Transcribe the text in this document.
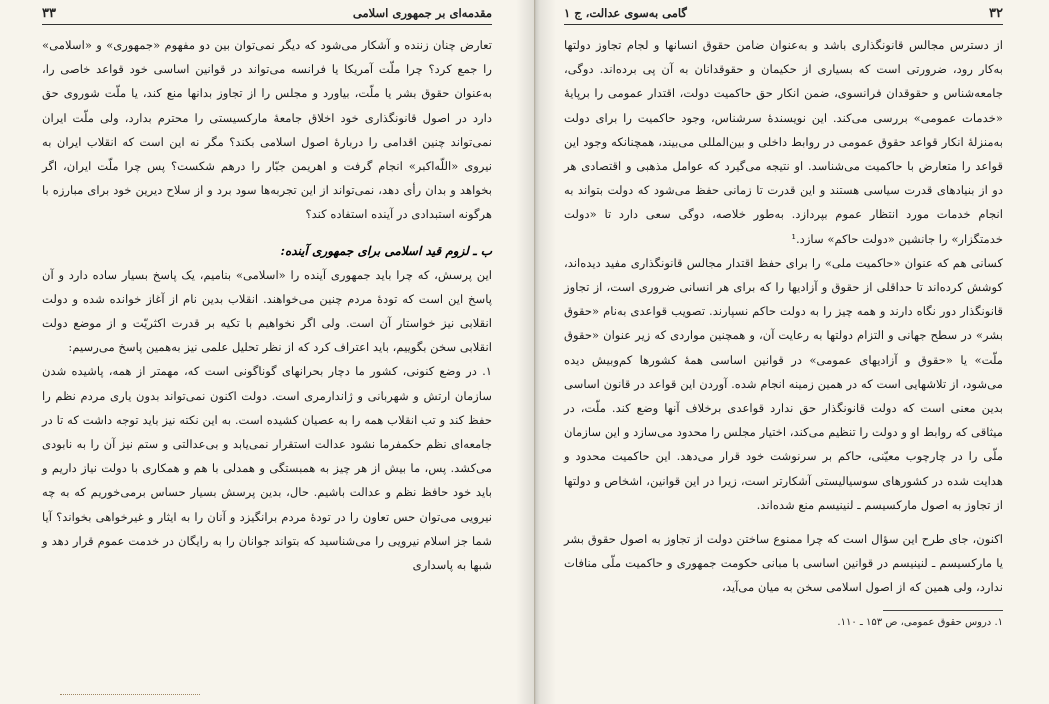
مقدمه‌ای بر جمهوری اسلامی
۳۳

تعارض چنان زننده و آشکار می‌شود که دیگر نمی‌توان بین دو مفهوم «جمهوری» و «اسلامی» را جمع کرد؟ چرا ملّت آمریکا یا فرانسه می‌تواند در قوانین اساسی خود قواعد خاصی را، به‌عنوان حقوق بشر یا ملّت، بیاورد و مجلس را از تجاوز بدانها منع کند، یا ملّت شوروی حق دارد در اصول قانونگذاری خود اخلاق جامعهٔ مارکسیستی را محترم بدارد، ولی ملّت ایران نمی‌تواند چنین اقدامی را دربارهٔ اصول اسلامی بکند؟ مگر نه این است که انقلاب ایران به نیروی «اللّه‌اکبر» انجام گرفت و اهریمن جبّار را درهم شکست؟ پس چرا ملّت ایران، اگر بخواهد و بدان رأی دهد، نمی‌تواند از این تجربه‌ها سود برد و از سلاح دیرین خود برای مبارزه با هرگونه استبدادی در آینده استفاده کند؟

ب ـ لزوم قید اسلامی برای جمهوری آینده:

این پرسش، که چرا باید جمهوری آینده را «اسلامی» بنامیم، یک پاسخ بسیار ساده دارد و آن پاسخ این است که تودهٔ مردم چنین می‌خواهند. انقلاب بدین نام از آغاز خوانده شده و دولت انقلابی نیز خواستار آن است. ولی اگر نخواهیم با تکیه بر قدرت اکثریّت و از موضع دولت انقلابی سخن بگوییم، باید اعتراف کرد که از نظر تحلیل علمی نیز به‌همین پاسخ می‌رسیم:

۱. در وضع کنونی، کشور ما دچار بحرانهای گوناگونی است که، مهمتر از همه، پاشیده شدن سازمان ارتش و شهربانی و ژاندارمری است. دولت اکنون نمی‌تواند بدون یاری مردم نظم را حفظ کند و تب انقلاب همه را به عصیان کشیده است. به این نکته نیز باید توجه داشت که تا در جامعه‌ای نظم حکمفرما نشود عدالت استقرار نمی‌یابد و بی‌عدالتی و ستم نیز آن را به نابودی می‌کشد. پس، ما بیش از هر چیز به همبستگی و همدلی با هم و همکاری با دولت نیاز داریم و باید خود حافظ نظم و عدالت باشیم. حال، بدین پرسش بسیار حساس برمی‌خوریم که به چه نیرویی می‌توان حس تعاون را در تودهٔ مردم برانگیزد و آنان را به ایثار و غیرخواهی بخواند؟ آیا شما جز اسلام نیرویی را می‌شناسید که بتواند جوانان را به رایگان در خدمت عموم قرار دهد و شبها به پاسداری

۳۲
گامی به‌سوی عدالت، ج ۱

از دسترس مجالس قانونگذاری باشد و به‌عنوان ضامن حقوق انسانها و لجام تجاوز دولتها به‌کار رود، ضرورتی است که بسیاری از حکیمان و حقوقدانان به آن پی برده‌اند. دوگی، جامعه‌شناس و حقوقدان فرانسوی، ضمن انکار حق حاکمیت دولت، اقتدار عمومی را برپایهٔ «خدمات عمومی» بررسی می‌کند. این نویسندهٔ سرشناس، وجود حاکمیت را برای دولت به‌منزلهٔ انکار قواعد حقوق عمومی در روابط داخلی و بین‌المللی می‌بیند، همچنانکه وجود این قواعد را متعارض با حاکمیت می‌شناسد. او نتیجه می‌گیرد که عوامل مذهبی و اقتصادی هر دو از بنیادهای قدرت سیاسی هستند و این قدرت تا زمانی حفظ می‌شود که دولت بتواند به انجام خدمات مورد انتظار عموم بپردازد. به‌طور خلاصه، دوگی سعی دارد تا «دولت خدمتگزار» را جانشین «دولت حاکم» سازد.¹

کسانی هم که عنوان «حاکمیت ملی» را برای حفظ اقتدار مجالس قانونگذاری مفید دیده‌اند، کوشش کرده‌اند تا حداقلی از حقوق و آزادیها را که برای هر انسانی ضروری است، از تجاوز قانونگذار دور نگاه دارند و همه چیز را به دولت حاکم نسپارند. تصویب قواعدی به‌نام «حقوق بشر» در سطح جهانی و التزام دولتها به رعایت آن، و همچنین مواردی که زیر عنوان «حقوق ملّت» یا «حقوق و آزادیهای عمومی» در قوانین اساسی همهٔ کشورها کم‌وبیش دیده می‌شود، از تلاشهایی است که در همین زمینه انجام شده. آوردن این قواعد در قانون اساسی بدین معنی است که دولت قانونگذار حق ندارد قواعدی برخلاف آنها وضع کند. ملّت، در میثاقی که روابط او و دولت را تنظیم می‌کند، اختیار مجلس را محدود می‌سازد و این سازمان ملّی را در چارچوب معیّنی، حاکم بر سرنوشت خود قرار می‌دهد. این حاکمیت محدود و هدایت شده در کشورهای سوسیالیستی آشکارتر است، زیرا در این قوانین، اشخاص و دولتها از تجاوز به اصول مارکسیسم ـ لنینیسم منع شده‌اند.

اکنون، جای طرح این سؤال است که چرا ممنوع ساختن دولت از تجاوز به اصول حقوق بشر یا مارکسیسم ـ لنینیسم در قوانین اساسی با مبانی حکومت جمهوری و حاکمیت ملّی منافات ندارد، ولی همین که از اصول اسلامی سخن به میان می‌آید،

۱. دروس حقوق عمومی، ص ۱۵۳ ـ ۱۱۰.
